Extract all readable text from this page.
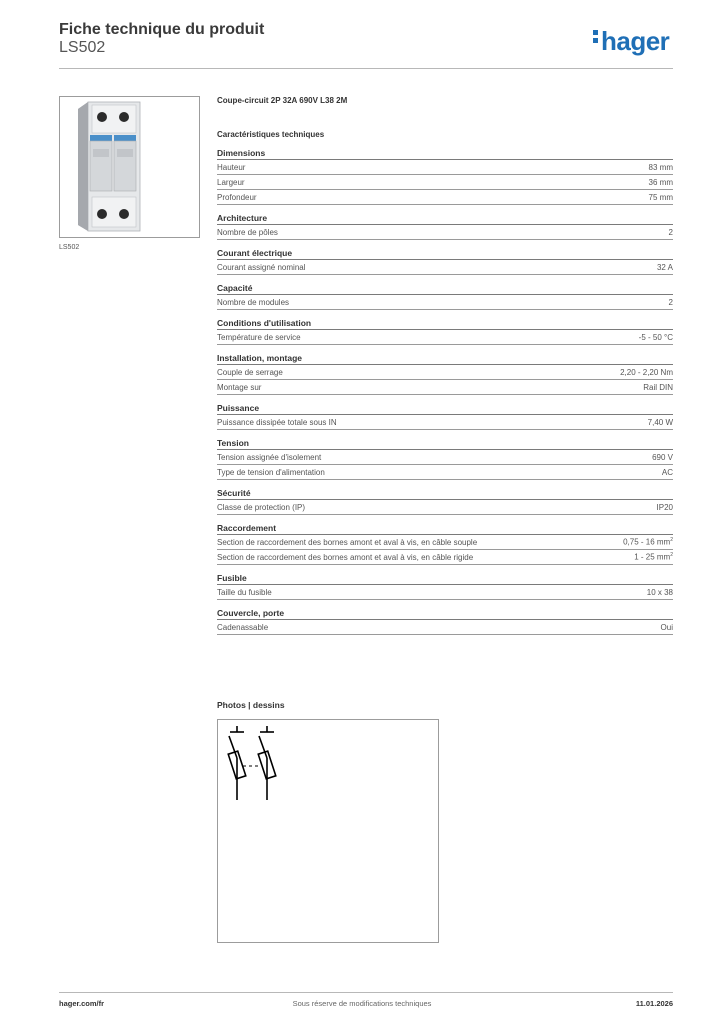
Fiche technique du produit
LS502	hager
LS502
Coupe-circuit 2P 32A 690V L38 2M
Caractéristiques techniques
Dimensions
Hauteur	83 mm
Largeur	36 mm
Profondeur	75 mm
Architecture
Nombre de pôles	2
Courant électrique
Courant assigné nominal	32 A
Capacité
Nombre de modules	2
Conditions d'utilisation
Température de service	-5 - 50 °C
Installation, montage
Couple de serrage	2,20 - 2,20 Nm
Montage sur	Rail DIN
Puissance
Puissance dissipée totale sous IN	7,40 W
Tension
Tension assignée d'isolement	690 V
Type de tension d'alimentation	AC
Sécurité
Classe de protection (IP)	IP20
Raccordement
Section de raccordement des bornes amont et aval à vis, en câble souple	0,75 - 16 $mm^2$
Section de raccordement des bornes amont et aval à vis, en câble rigide	1 - 25 $mm^2$
Fusible
Taille du fusible	10 x 38
Couvercle, porte
Cadenassable	Oui
Photos | dessins
hager.com/fr	Sous réserve de modifications techniques	11.01.2026
